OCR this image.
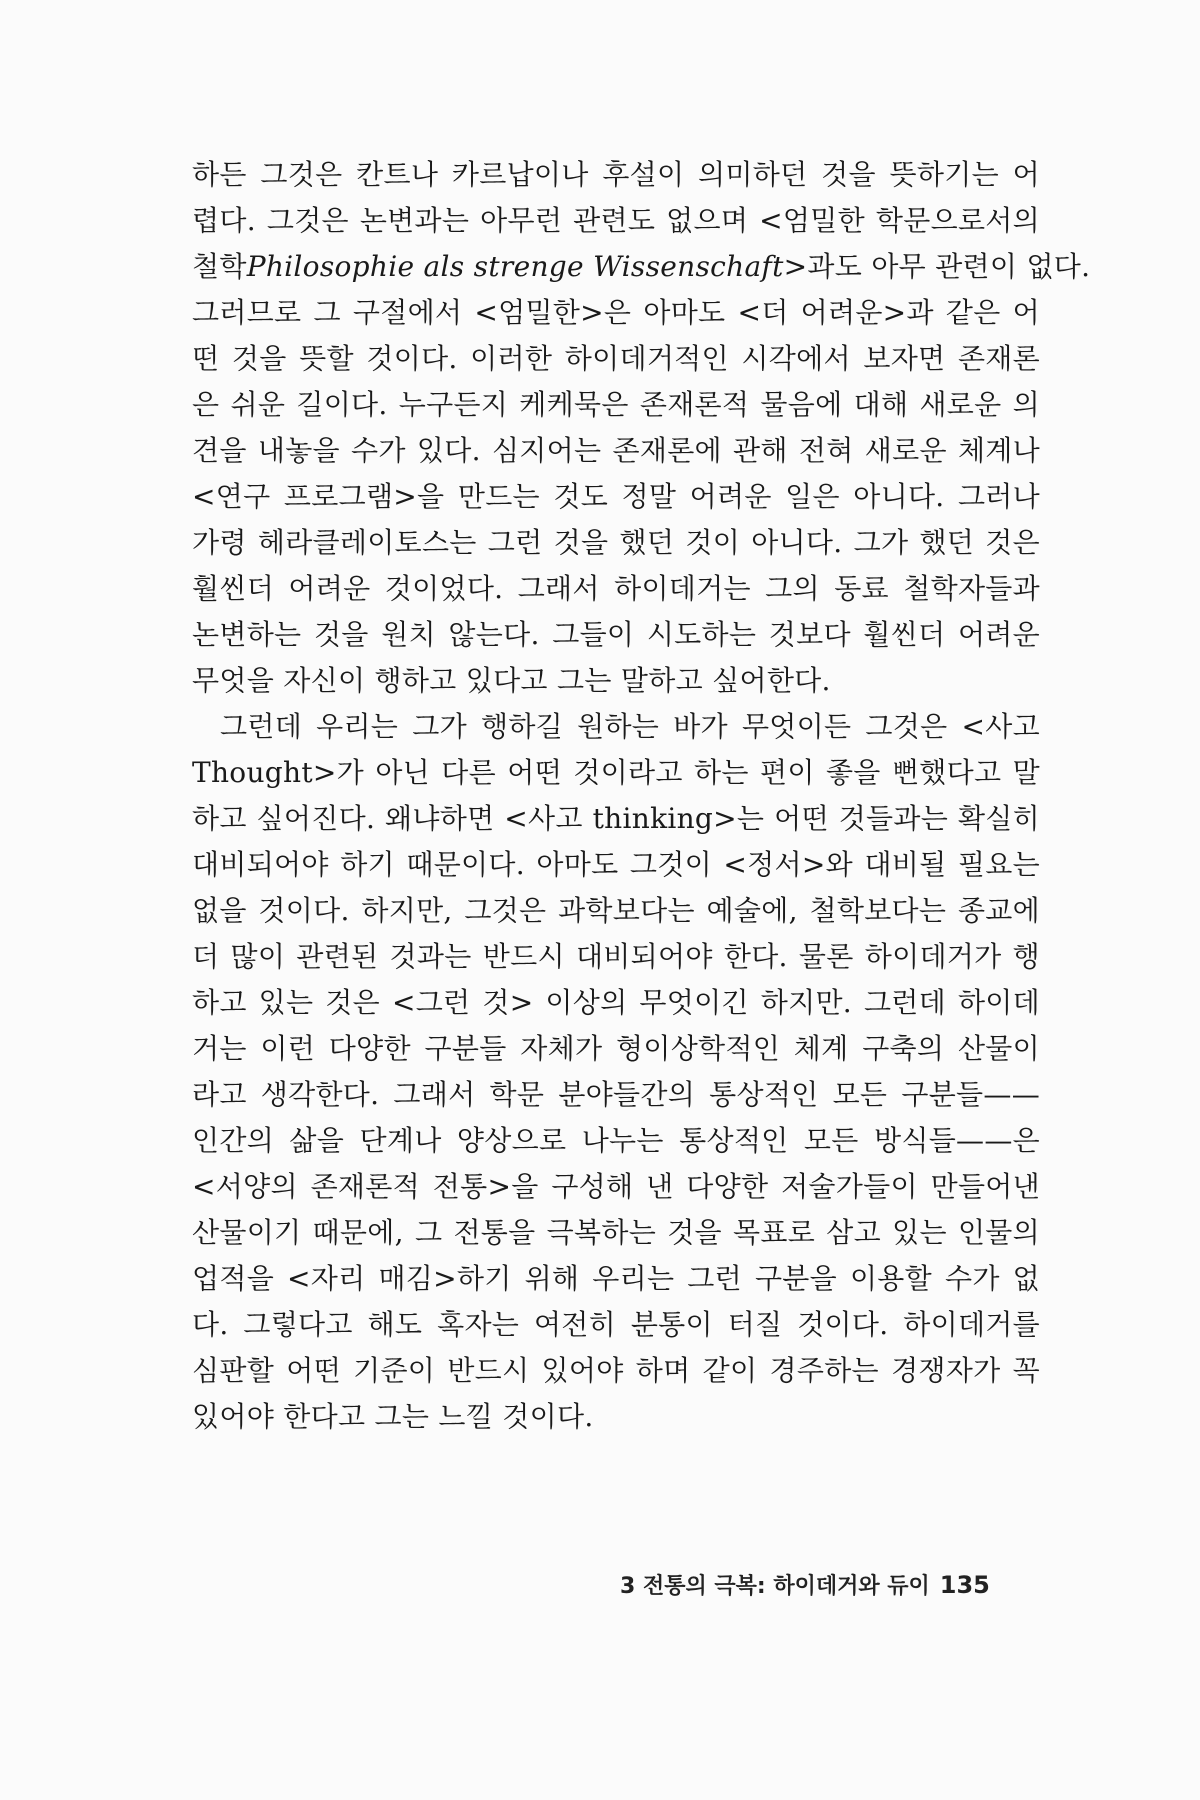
하든 그것은 칸트나 카르납이나 후설이 의미하던 것을 뜻하기는 어
렵다. 그것은 논변과는 아무런 관련도 없으며 <엄밀한 학문으로서의
철학Philosophie als strenge Wissenschaft>과도 아무 관련이 없다.
그러므로 그 구절에서 <엄밀한>은 아마도 <더 어려운>과 같은 어
떤 것을 뜻할 것이다. 이러한 하이데거적인 시각에서 보자면 존재론
은 쉬운 길이다. 누구든지 케케묵은 존재론적 물음에 대해 새로운 의
견을 내놓을 수가 있다. 심지어는 존재론에 관해 전혀 새로운 체계나
<연구 프로그램>을 만드는 것도 정말 어려운 일은 아니다. 그러나
가령 헤라클레이토스는 그런 것을 했던 것이 아니다. 그가 했던 것은
훨씬더 어려운 것이었다. 그래서 하이데거는 그의 동료 철학자들과
논변하는 것을 원치 않는다. 그들이 시도하는 것보다 훨씬더 어려운
무엇을 자신이 행하고 있다고 그는 말하고 싶어한다.
그런데 우리는 그가 행하길 원하는 바가 무엇이든 그것은 <사고
Thought>가 아닌 다른 어떤 것이라고 하는 편이 좋을 뻔했다고 말
하고 싶어진다. 왜냐하면 <사고 thinking>는 어떤 것들과는 확실히
대비되어야 하기 때문이다. 아마도 그것이 <정서>와 대비될 필요는
없을 것이다. 하지만, 그것은 과학보다는 예술에, 철학보다는 종교에
더 많이 관련된 것과는 반드시 대비되어야 한다. 물론 하이데거가 행
하고 있는 것은 <그런 것> 이상의 무엇이긴 하지만. 그런데 하이데
거는 이런 다양한 구분들 자체가 형이상학적인 체계 구축의 산물이
라고 생각한다. 그래서 학문 분야들간의 통상적인 모든 구분들——
인간의 삶을 단계나 양상으로 나누는 통상적인 모든 방식들——은
<서양의 존재론적 전통>을 구성해 낸 다양한 저술가들이 만들어낸
산물이기 때문에, 그 전통을 극복하는 것을 목표로 삼고 있는 인물의
업적을 <자리 매김>하기 위해 우리는 그런 구분을 이용할 수가 없
다. 그렇다고 해도 혹자는 여전히 분통이 터질 것이다. 하이데거를
심판할 어떤 기준이 반드시 있어야 하며 같이 경주하는 경쟁자가 꼭
있어야 한다고 그는 느낄 것이다.
3 전통의 극복: 하이데거와 듀이 135
